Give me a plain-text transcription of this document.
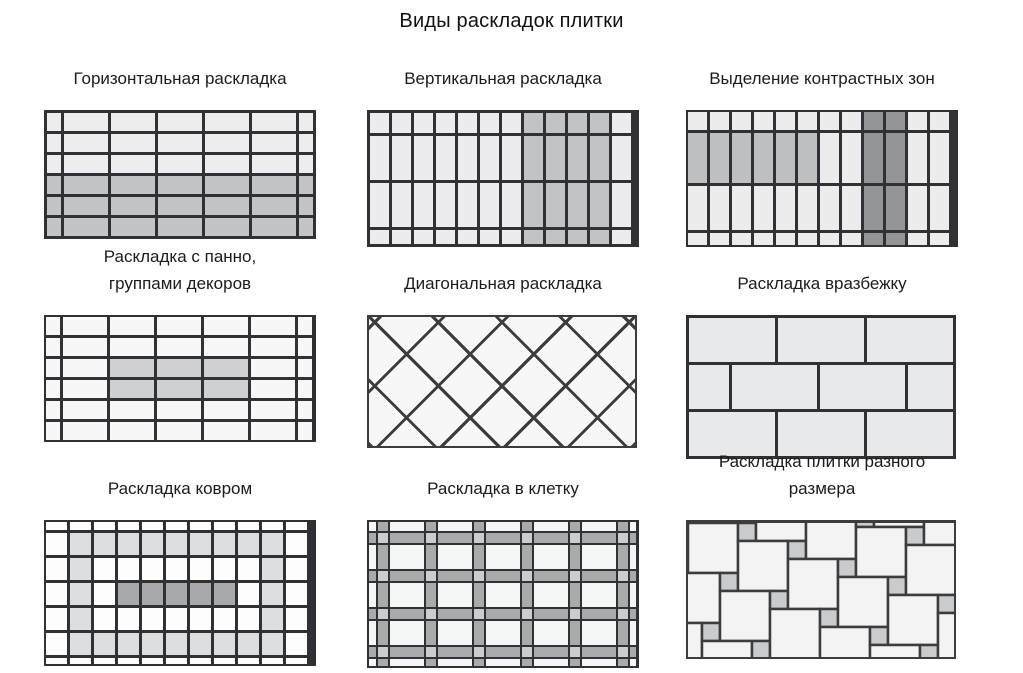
Виды раскладок плитки
Горизонтальная раскладка	Вертикальная раскладка	Выделение контрастных зон
Раскладка с панно,
группами декоров	Диагональная раскладка	Раскладка вразбежку
Раскладка ковром	Раскладка в клетку
Раскладка плитки разного
размера
